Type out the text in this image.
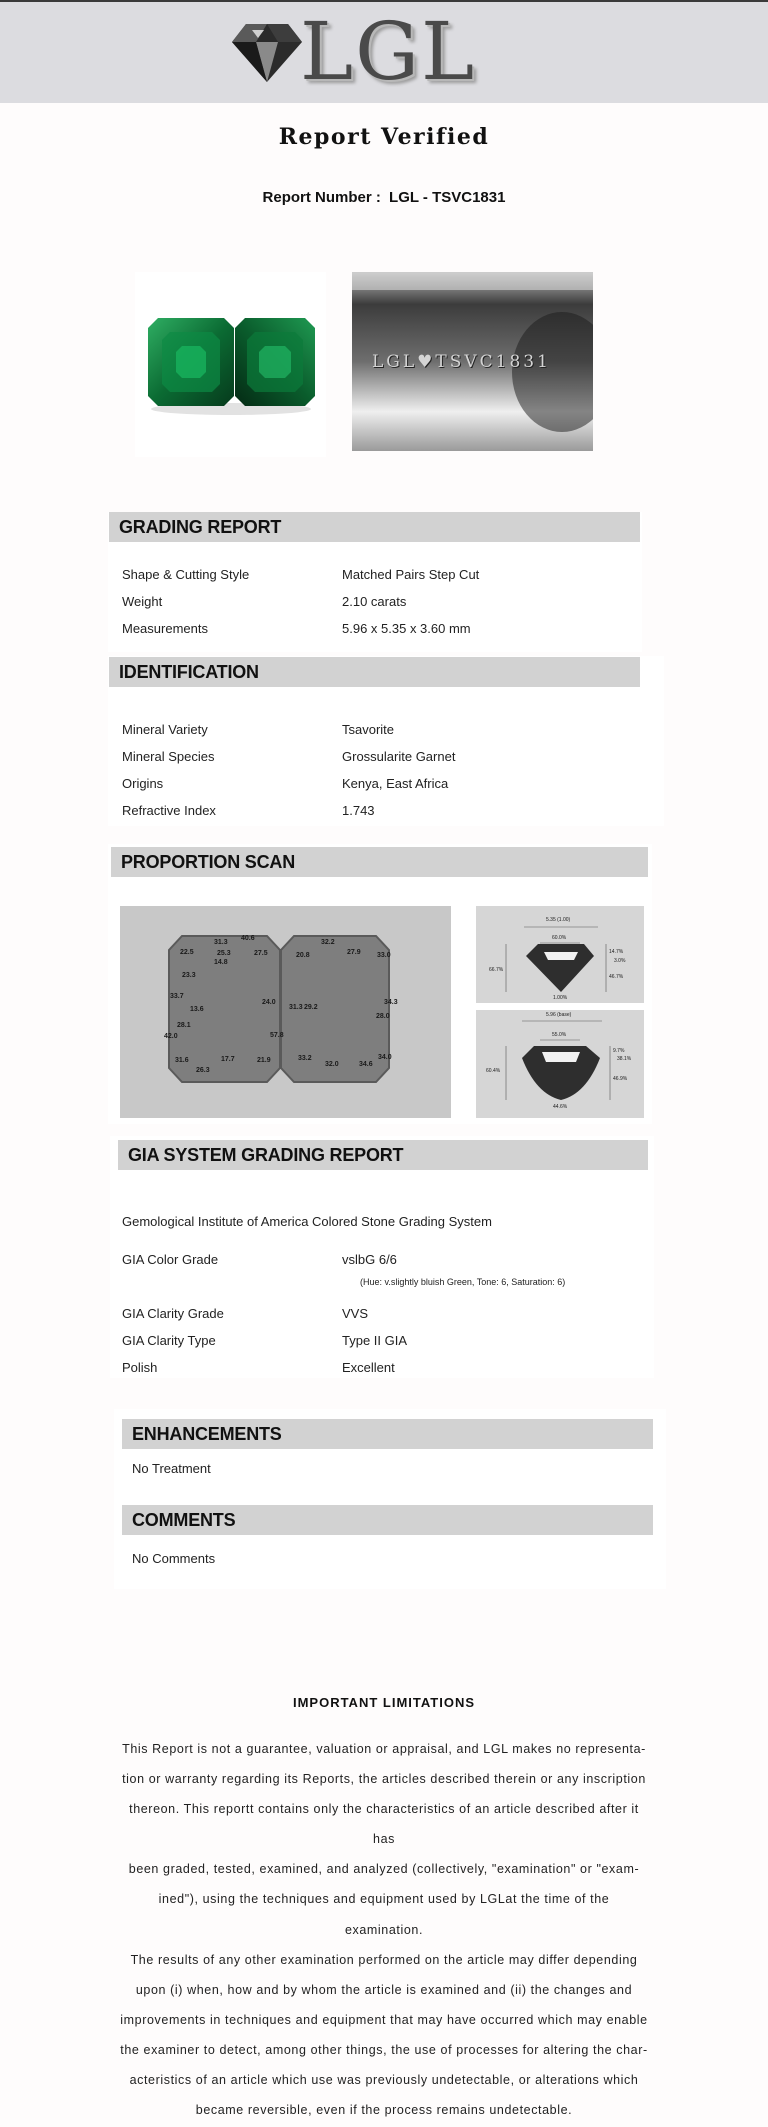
LGL
Report Verified
Report Number : LGL - TSVC1831
LGL♥TSVC1831
GRADING REPORT
Shape & Cutting Style	Matched Pairs Step Cut
Weight	2.10 carats
Measurements	5.96 x 5.35 x 3.60 mm
IDENTIFICATION
Mineral Variety	Tsavorite
Mineral Species	Grossularite Garnet
Origins	Kenya, East Africa
Refractive Index	1.743
PROPORTION SCAN
40.6
31.3
22.5	25.3	27.5
14.8
23.3
33.7
13.6
24.0
28.1
42.0	57.8
17.7
31.6
26.3
21.9
32.2
20.8	27.9 33.0
31.3 29.2
34.3
28.0
33.2
32.0	34.6
34.0
5.35 (1.00)
60.0%
66.7%
14.7%
3.0%
46.7%
1.00%
5.96 (base)
55.0%
60.4%
9.7%
38.1%
46.9%
44.6%
GIA SYSTEM GRADING REPORT
Gemological Institute of America Colored Stone Grading System
GIA Color Grade	vslbG 6/6
(Hue: v.slightly bluish Green, Tone: 6, Saturation: 6)
GIA Clarity Grade	VVS
GIA Clarity Type	Type II GIA
Polish	Excellent
ENHANCEMENTS
COMMENTS
No Treatment
No Comments
IMPORTANT LIMITATIONS
This Report is not a guarantee, valuation or appraisal, and LGL makes no representa-
tion or warranty regarding its Reports, the articles described therein or any inscription
thereon. This reportt contains only the characteristics of an article described after it has
been graded, tested, examined, and analyzed (collectively, "examination" or "exam-
ined"), using the techniques and equipment used by LGLat the time of the examination.
The results of any other examination performed on the article may differ depending
upon (i) when, how and by whom the article is examined and (ii) the changes and
improvements in techniques and equipment that may have occurred which may enable
the examiner to detect, among other things, the use of processes for altering the char-
acteristics of an article which use was previously undetectable, or alterations which
became reversible, even if the process remains undetectable.
